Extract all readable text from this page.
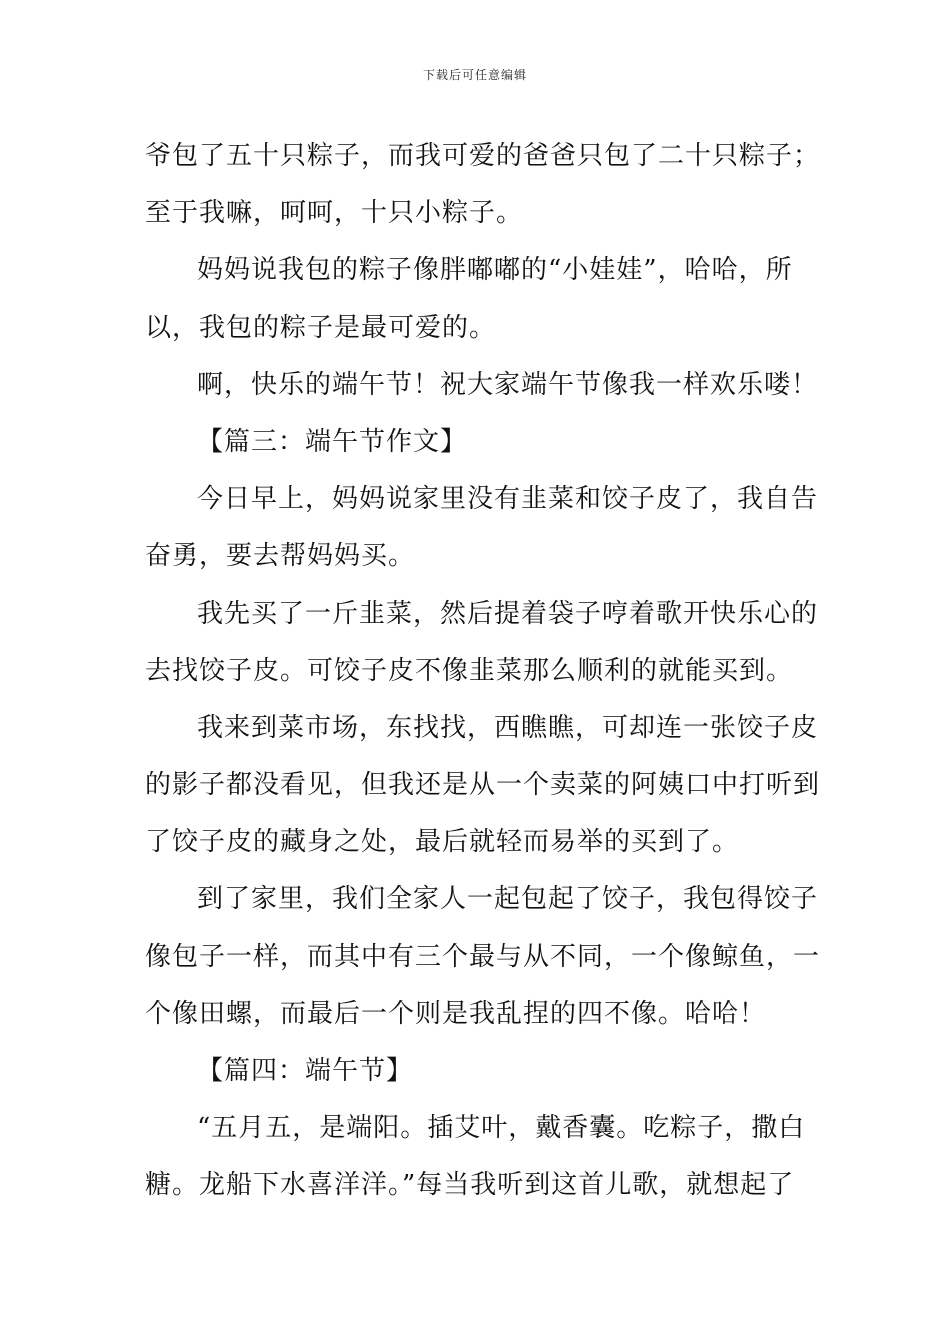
下载后可任意编辑
爷包了五十只粽子，而我可爱的爸爸只包了二十只粽子；
至于我嘛，呵呵，十只小粽子。
妈妈说我包的粽子像胖嘟嘟的“小娃娃”，哈哈，所
以，我包的粽子是最可爱的。
啊，快乐的端午节！祝大家端午节像我一样欢乐喽！
【篇三：端午节作文】
今日早上，妈妈说家里没有韭菜和饺子皮了，我自告
奋勇，要去帮妈妈买。
我先买了一斤韭菜，然后提着袋子哼着歌开快乐心的
去找饺子皮。可饺子皮不像韭菜那么顺利的就能买到。
我来到菜市场，东找找，西瞧瞧，可却连一张饺子皮
的影子都没看见，但我还是从一个卖菜的阿姨口中打听到
了饺子皮的藏身之处，最后就轻而易举的买到了。
到了家里，我们全家人一起包起了饺子，我包得饺子
像包子一样，而其中有三个最与从不同，一个像鲸鱼，一
个像田螺，而最后一个则是我乱捏的四不像。哈哈！
【篇四：端午节】
“五月五，是端阳。插艾叶，戴香囊。吃粽子，撒白
糖。龙船下水喜洋洋。”每当我听到这首儿歌，就想起了
